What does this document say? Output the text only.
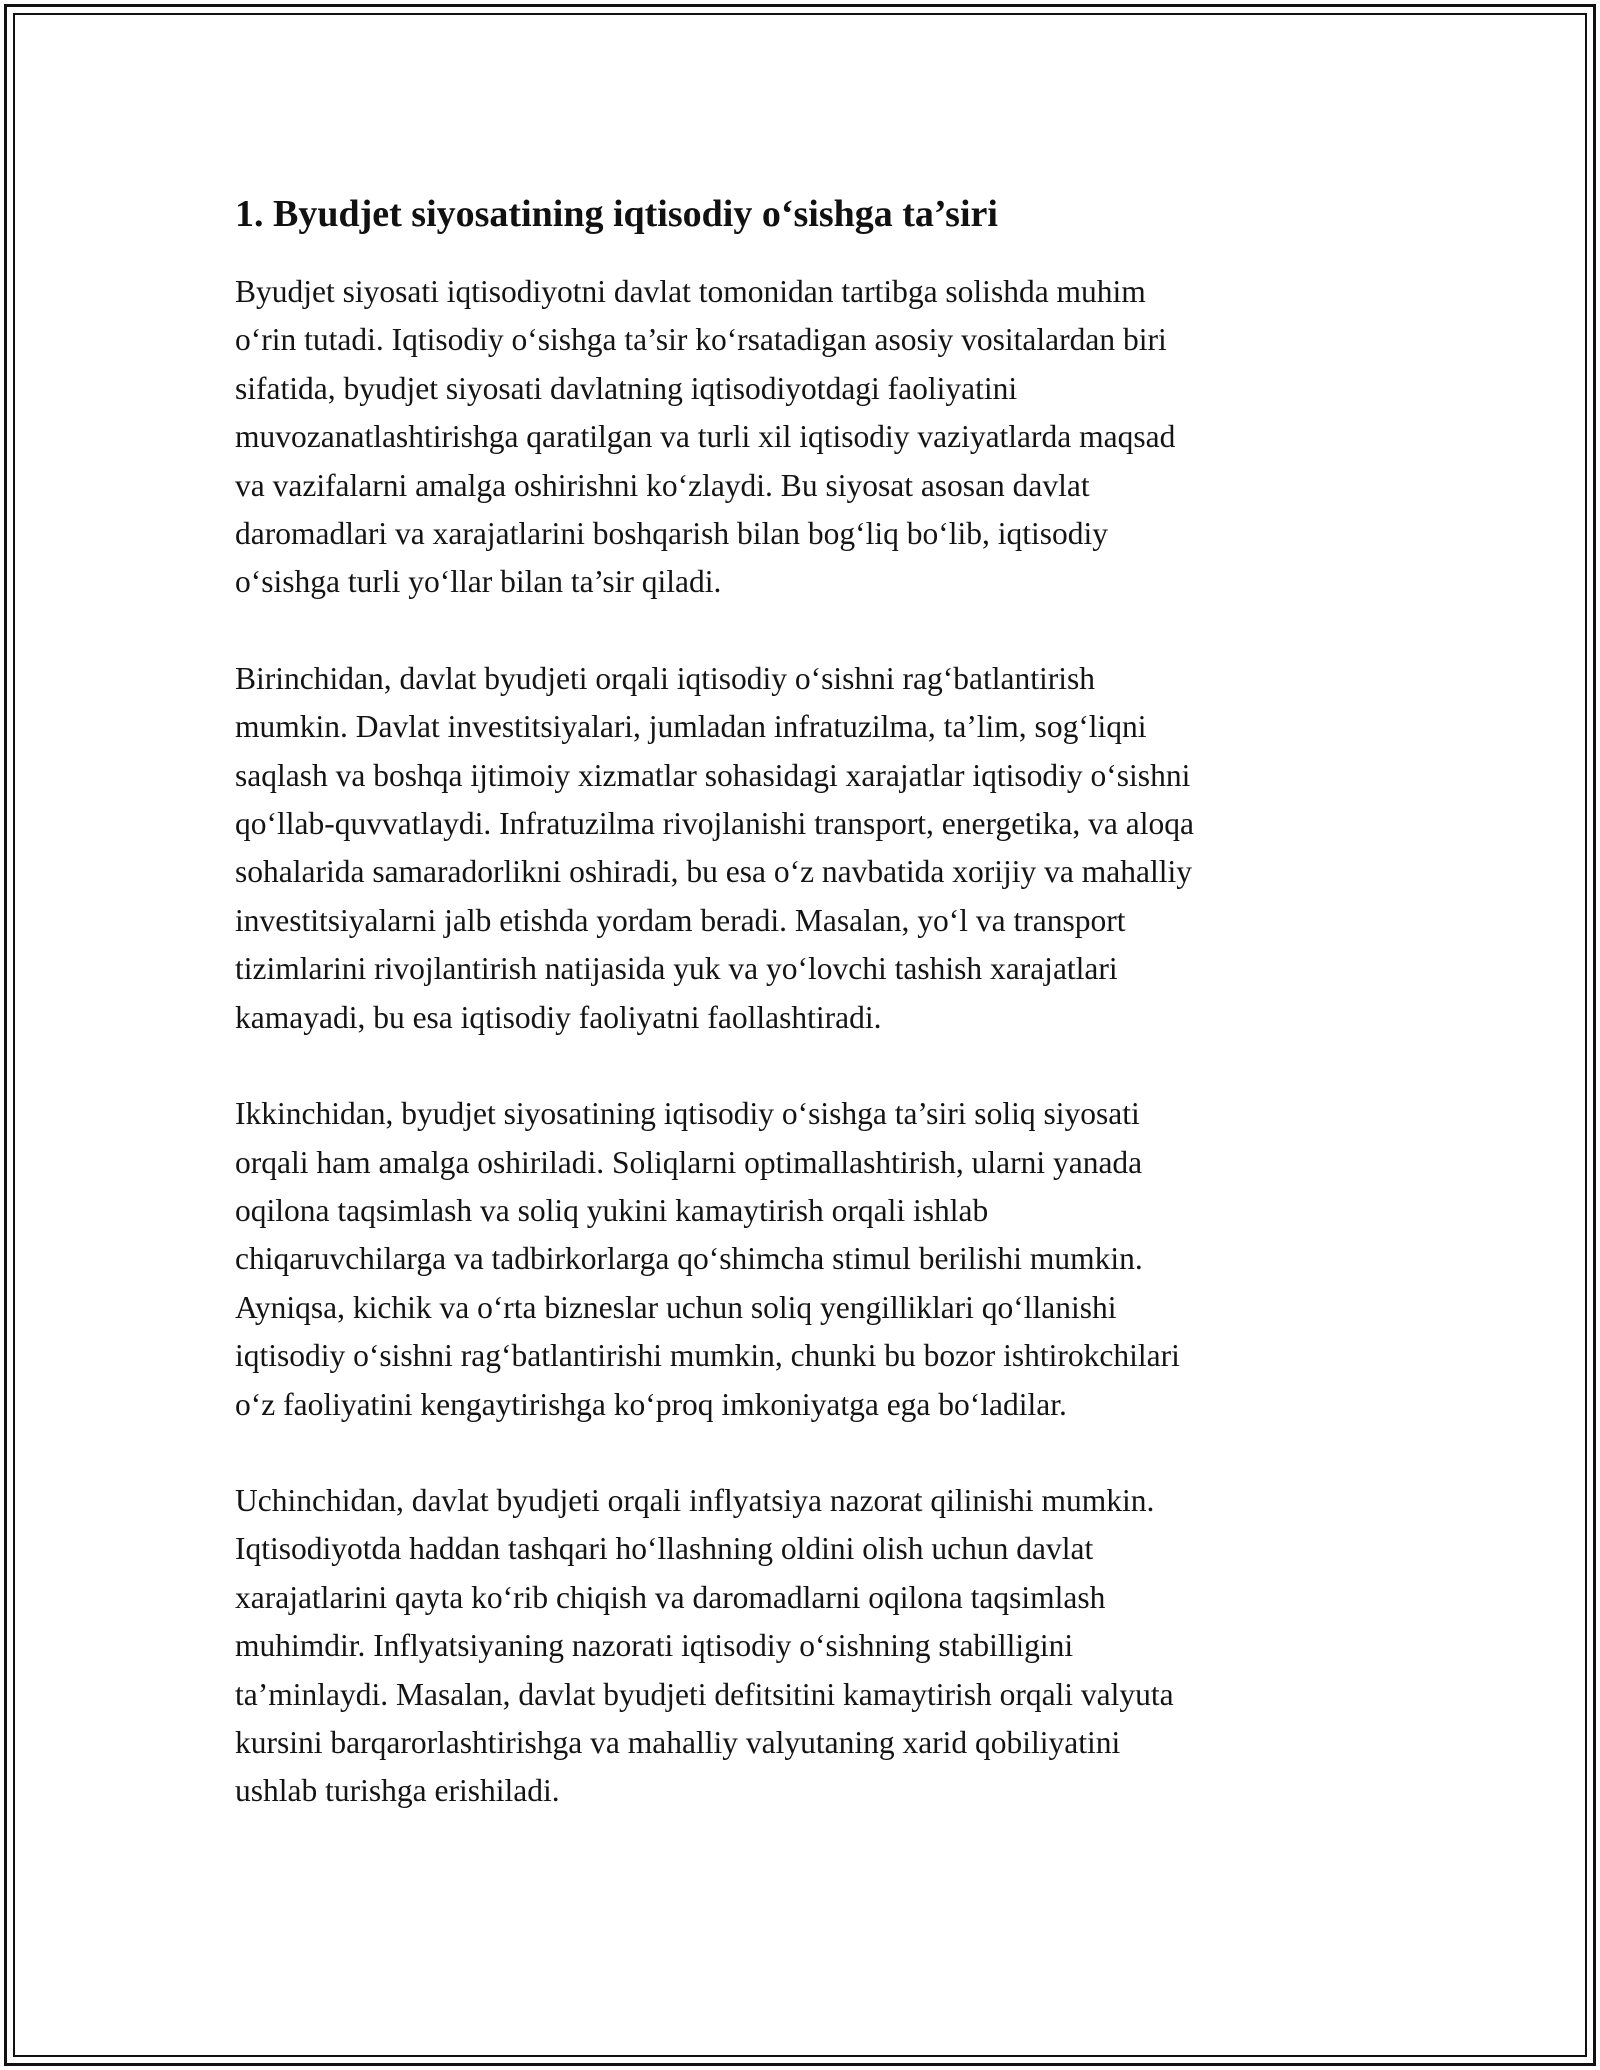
1. Byudjet siyosatining iqtisodiy o‘sishga ta’siri

Byudjet siyosati iqtisodiyotni davlat tomonidan tartibga solishda muhim
o‘rin tutadi. Iqtisodiy o‘sishga ta’sir ko‘rsatadigan asosiy vositalardan biri
sifatida, byudjet siyosati davlatning iqtisodiyotdagi faoliyatini
muvozanatlashtirishga qaratilgan va turli xil iqtisodiy vaziyatlarda maqsad
va vazifalarni amalga oshirishni ko‘zlaydi. Bu siyosat asosan davlat
daromadlari va xarajatlarini boshqarish bilan bog‘liq bo‘lib, iqtisodiy
o‘sishga turli yo‘llar bilan ta’sir qiladi.

Birinchidan, davlat byudjeti orqali iqtisodiy o‘sishni rag‘batlantirish
mumkin. Davlat investitsiyalari, jumladan infratuzilma, ta’lim, sog‘liqni
saqlash va boshqa ijtimoiy xizmatlar sohasidagi xarajatlar iqtisodiy o‘sishni
qo‘llab-quvvatlaydi. Infratuzilma rivojlanishi transport, energetika, va aloqa
sohalarida samaradorlikni oshiradi, bu esa o‘z navbatida xorijiy va mahalliy
investitsiyalarni jalb etishda yordam beradi. Masalan, yo‘l va transport
tizimlarini rivojlantirish natijasida yuk va yo‘lovchi tashish xarajatlari
kamayadi, bu esa iqtisodiy faoliyatni faollashtiradi.

Ikkinchidan, byudjet siyosatining iqtisodiy o‘sishga ta’siri soliq siyosati
orqali ham amalga oshiriladi. Soliqlarni optimallashtirish, ularni yanada
oqilona taqsimlash va soliq yukini kamaytirish orqali ishlab
chiqaruvchilarga va tadbirkorlarga qo‘shimcha stimul berilishi mumkin.
Ayniqsa, kichik va o‘rta bizneslar uchun soliq yengilliklari qo‘llanishi
iqtisodiy o‘sishni rag‘batlantirishi mumkin, chunki bu bozor ishtirokchilari
o‘z faoliyatini kengaytirishga ko‘proq imkoniyatga ega bo‘ladilar.

Uchinchidan, davlat byudjeti orqali inflyatsiya nazorat qilinishi mumkin.
Iqtisodiyotda haddan tashqari ho‘llashning oldini olish uchun davlat
xarajatlarini qayta ko‘rib chiqish va daromadlarni oqilona taqsimlash
muhimdir. Inflyatsiyaning nazorati iqtisodiy o‘sishning stabilligini
ta’minlaydi. Masalan, davlat byudjeti defitsitini kamaytirish orqali valyuta
kursini barqarorlashtirishga va mahalliy valyutaning xarid qobiliyatini
ushlab turishga erishiladi.
